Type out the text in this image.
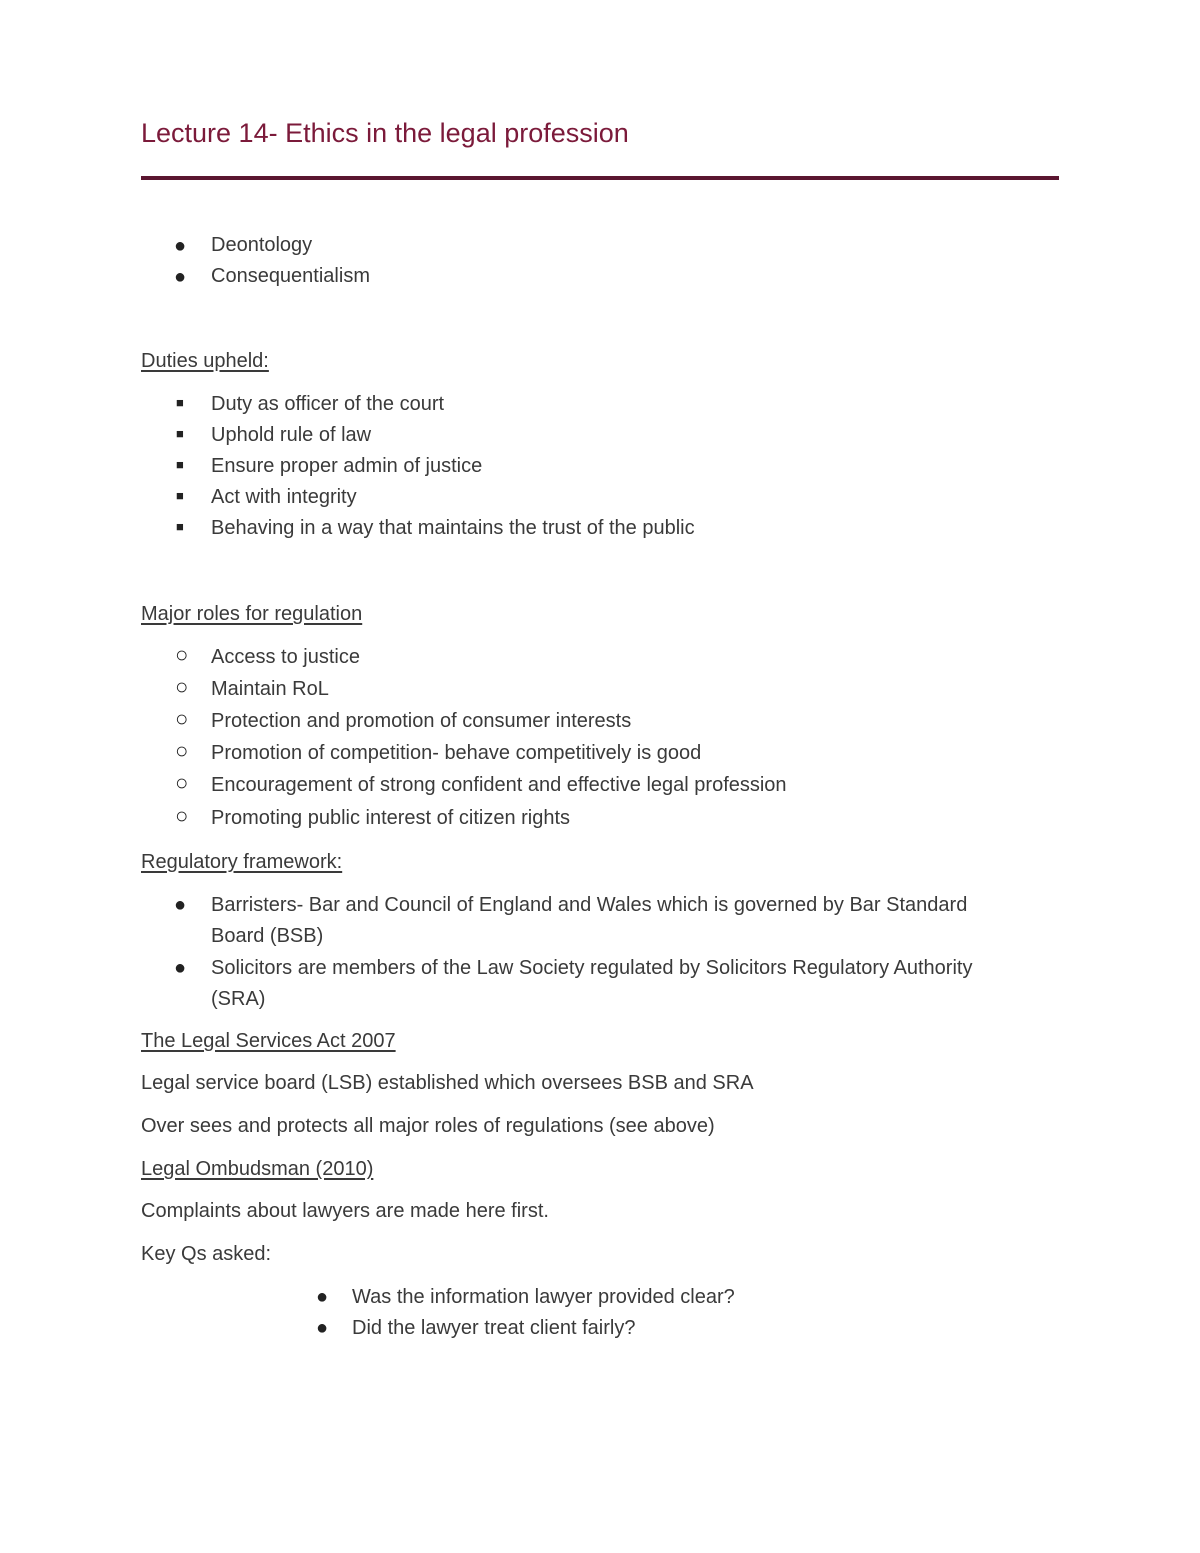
Lecture 14- Ethics in the legal profession
● Deontology
● Consequentialism
Duties upheld:
■ Duty as officer of the court
■ Uphold rule of law
■ Ensure proper admin of justice
■ Act with integrity
■ Behaving in a way that maintains the trust of the public
Major roles for regulation
○ Access to justice
○ Maintain RoL
○ Protection and promotion of consumer interests
○ Promotion of competition- behave competitively is good
○ Encouragement of strong confident and effective legal profession
○ Promoting public interest of citizen rights
Regulatory framework:
● Barristers- Bar and Council of England and Wales which is governed by Bar Standard
Board (BSB)
● Solicitors are members of the Law Society regulated by Solicitors Regulatory Authority
(SRA)
The Legal Services Act 2007
Legal service board (LSB) established which oversees BSB and SRA
Over sees and protects all major roles of regulations (see above)
Legal Ombudsman (2010)
Complaints about lawyers are made here first.
Key Qs asked:
● Was the information lawyer provided clear?
● Did the lawyer treat client fairly?
